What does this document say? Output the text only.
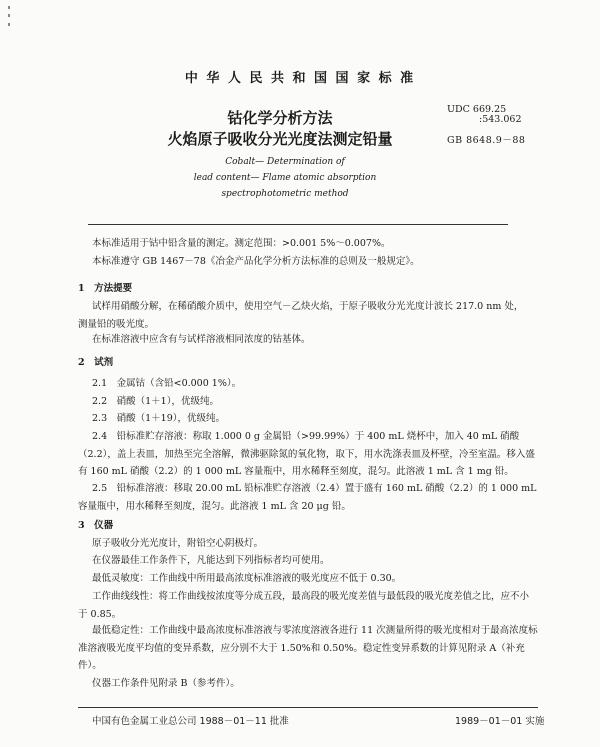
中 华 人 民 共 和 国 国 家 标 准
UDC 669.25
:543.062
GB 8648.9－88
钴化学分析方法
火焰原子吸收分光光度法测定铅量
Cobalt— Determination of
lead content— Flame atomic absorption
spectrophotometric method

本标准适用于钴中铅含量的测定。测定范围：>0.001 5%～0.007%。

本标准遵守 GB 1467－78《冶金产品化学分析方法标准的总则及一般规定》。

1　方法提要

试样用硝酸分解，在稀硝酸介质中，使用空气－乙炔火焰，于原子吸收分光光度计波长 217.0 nm 处，测量铅的吸光度。

在标准溶液中应含有与试样溶液相同浓度的钴基体。

2　试剂

2.1　金属钴（含铅<0.000 1%）。

2.2　硝酸（1＋1），优级纯。

2.3　硝酸（1＋19），优级纯。

2.4　铅标准贮存溶液：称取 1.000 0 g 金属铅（>99.99%）于 400 mL 烧杯中，加入 40 mL 硝酸（2.2），盖上表皿，加热至完全溶解，微沸驱除氮的氧化物，取下，用水洗涤表皿及杯壁，冷至室温。移入盛有 160 mL 硝酸（2.2）的 1 000 mL 容量瓶中，用水稀释至刻度，混匀。此溶液 1 mL 含 1 mg 铅。

2.5　铅标准溶液：移取 20.00 mL 铅标准贮存溶液（2.4）置于盛有 160 mL 硝酸（2.2）的 1 000 mL 容量瓶中，用水稀释至刻度，混匀。此溶液 1 mL 含 20 μg 铅。

3　仪器

原子吸收分光光度计，附铅空心阴极灯。

在仪器最佳工作条件下，凡能达到下列指标者均可使用。

最低灵敏度：工作曲线中所用最高浓度标准溶液的吸光度应不低于 0.30。

工作曲线线性：将工作曲线按浓度等分成五段，最高段的吸光度差值与最低段的吸光度差值之比，应不小于 0.85。

最低稳定性：工作曲线中最高浓度标准溶液与零浓度溶液各进行 11 次测量所得的吸光度相对于最高浓度标准溶液吸光度平均值的变异系数，应分别不大于 1.50%和 0.50%。稳定性变异系数的计算见附录 A（补充件）。

仪器工作条件见附录 B（参考件）。

中国有色金属工业总公司 1988－01－11 批准	1989－01－01 实施
